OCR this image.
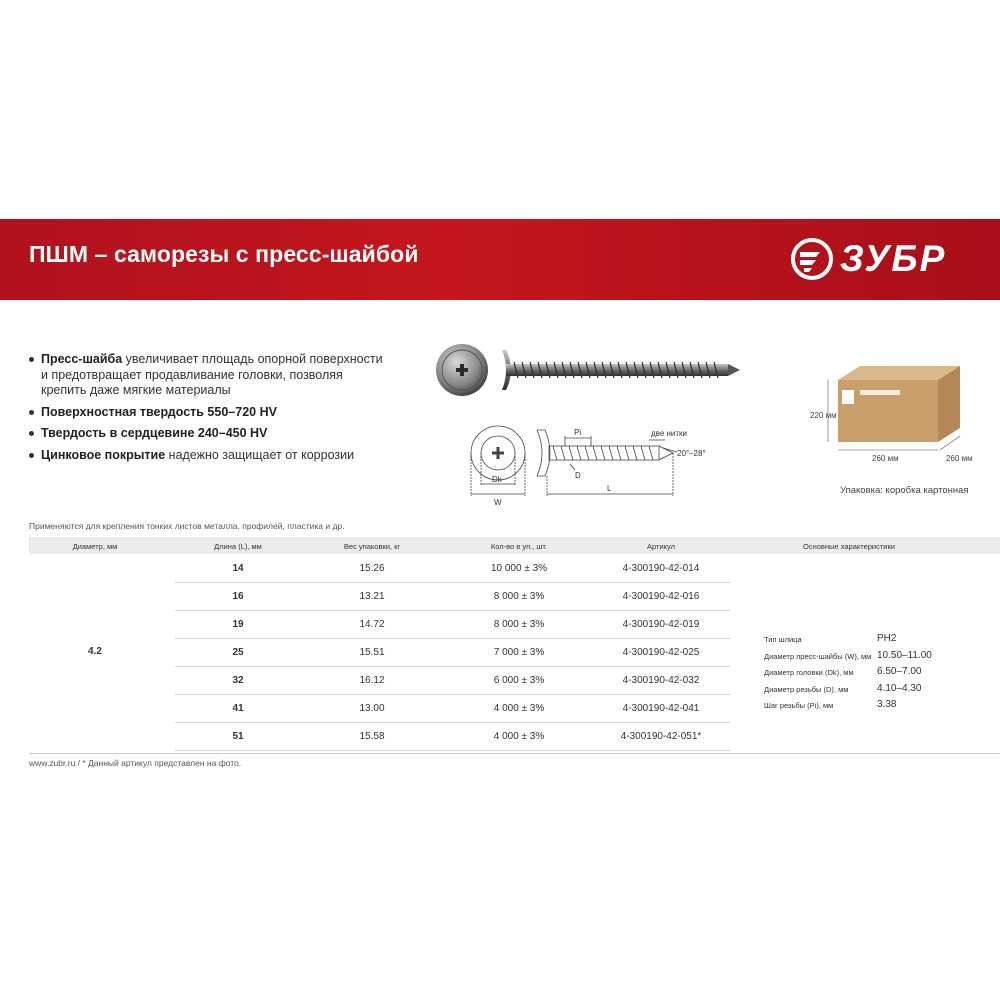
ПШМ – саморезы с пресс-шайбой	ЗУБР
Пресс-шайба увеличивает площадь опорной поверхности и предотвращает продавливание головки, позволяя крепить даже мягкие материалы
Поверхностная твердость 550–720 HV
Твердость в сердцевине 240–450 HV
Цинковое покрытие надежно защищает от коррозии
Pi	две нитки
20°–28°
D
L
Dk
W
220 мм
260 мм	260 мм
Упаковка: коробка картонная
Применяются для крепления тонких листов металла, профилей, пластика и др.
Диаметр, мм	Длина (L), мм	Вес упаковки, кг	Кол-во в уп., шт.	Артикул	Основные характеристики
4.2
14	15.26	10 000 ± 3%	4-300190-42-014
16	13.21	8 000 ± 3%	4-300190-42-016
19	14.72	8 000 ± 3%	4-300190-42-019
25	15.51	7 000 ± 3%	4-300190-42-025
32	16.12	6 000 ± 3%	4-300190-42-032
41	13.00	4 000 ± 3%	4-300190-42-041
51	15.58	4 000 ± 3%	4-300190-42-051*
Тип шлица	PH2
Диаметр пресс-шайбы (W), мм 10.50–11.00
Диаметр головки (Dk), мм 6.50–7.00
Диаметр резьбы (D), мм	4.10–4.30
Шаг резьбы (Pi), мм	3.38
www.zubr.ru / * Данный артикул представлен на фото.
